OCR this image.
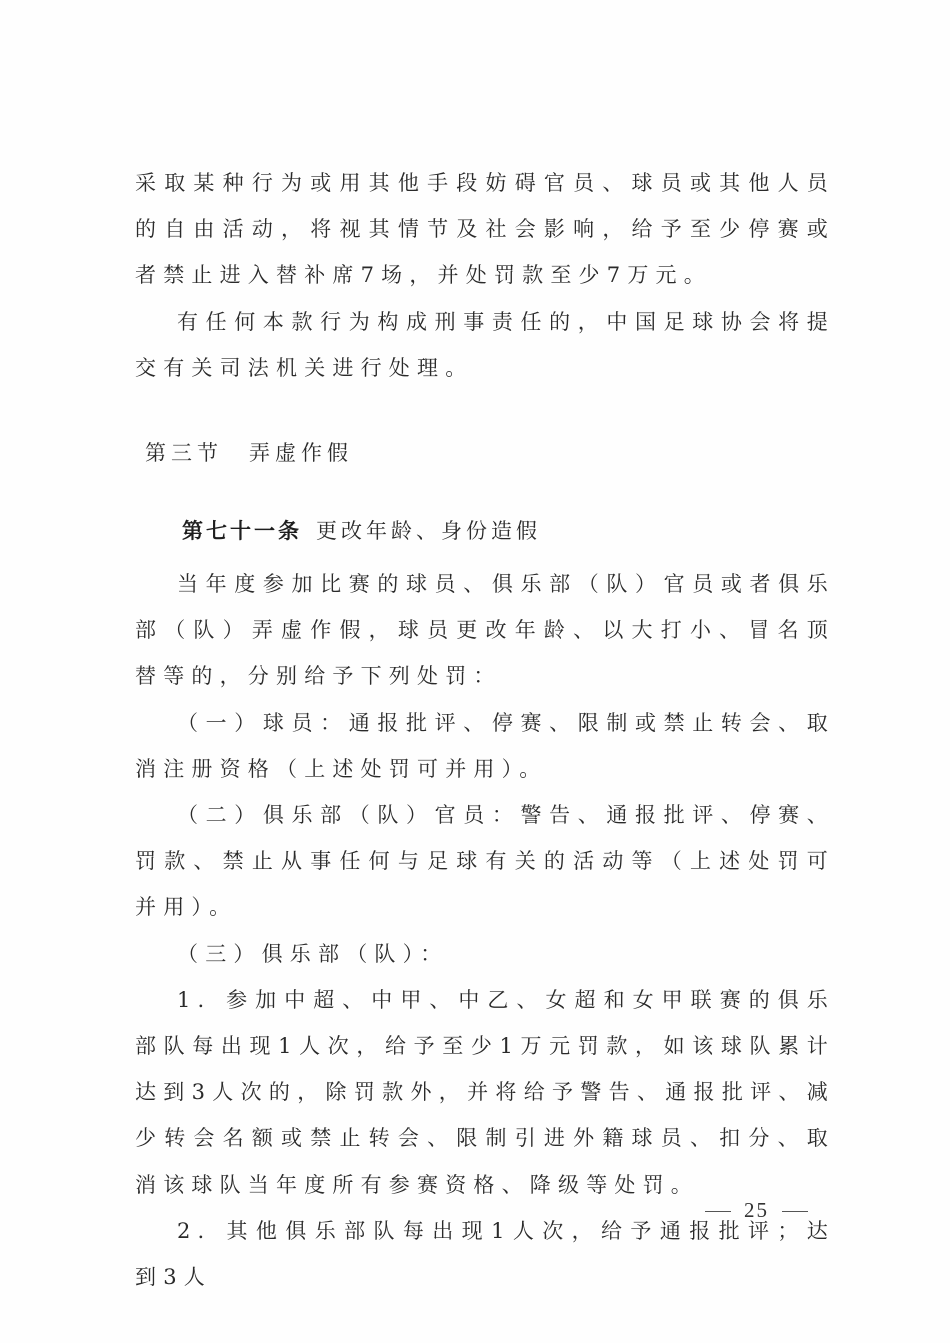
采取某种行为或用其他手段妨碍官员、球员或其他人员的自由活动，将视其情节及社会影响，给予至少停赛或者禁止进入替补席7场，并处罚款至少7万元。

有任何本款行为构成刑事责任的，中国足球协会将提交有关司法机关进行处理。

第三节 弄虚作假
第七十一条 更改年龄、身份造假

当年度参加比赛的球员、俱乐部（队）官员或者俱乐部（队）弄虚作假，球员更改年龄、以大打小、冒名顶替等的，分别给予下列处罚：

（一）球员：通报批评、停赛、限制或禁止转会、取消注册资格（上述处罚可并用）。

（二）俱乐部（队）官员：警告、通报批评、停赛、罚款、禁止从事任何与足球有关的活动等（上述处罚可并用）。

（三）俱乐部（队）：

1. 参加中超、中甲、中乙、女超和女甲联赛的俱乐部队每出现1人次，给予至少1万元罚款，如该球队累计达到3人次的，除罚款外，并将给予警告、通报批评、减少转会名额或禁止转会、限制引进外籍球员、扣分、取消该球队当年度所有参赛资格、降级等处罚。

2. 其他俱乐部队每出现1人次，给予通报批评；达到3人

25
